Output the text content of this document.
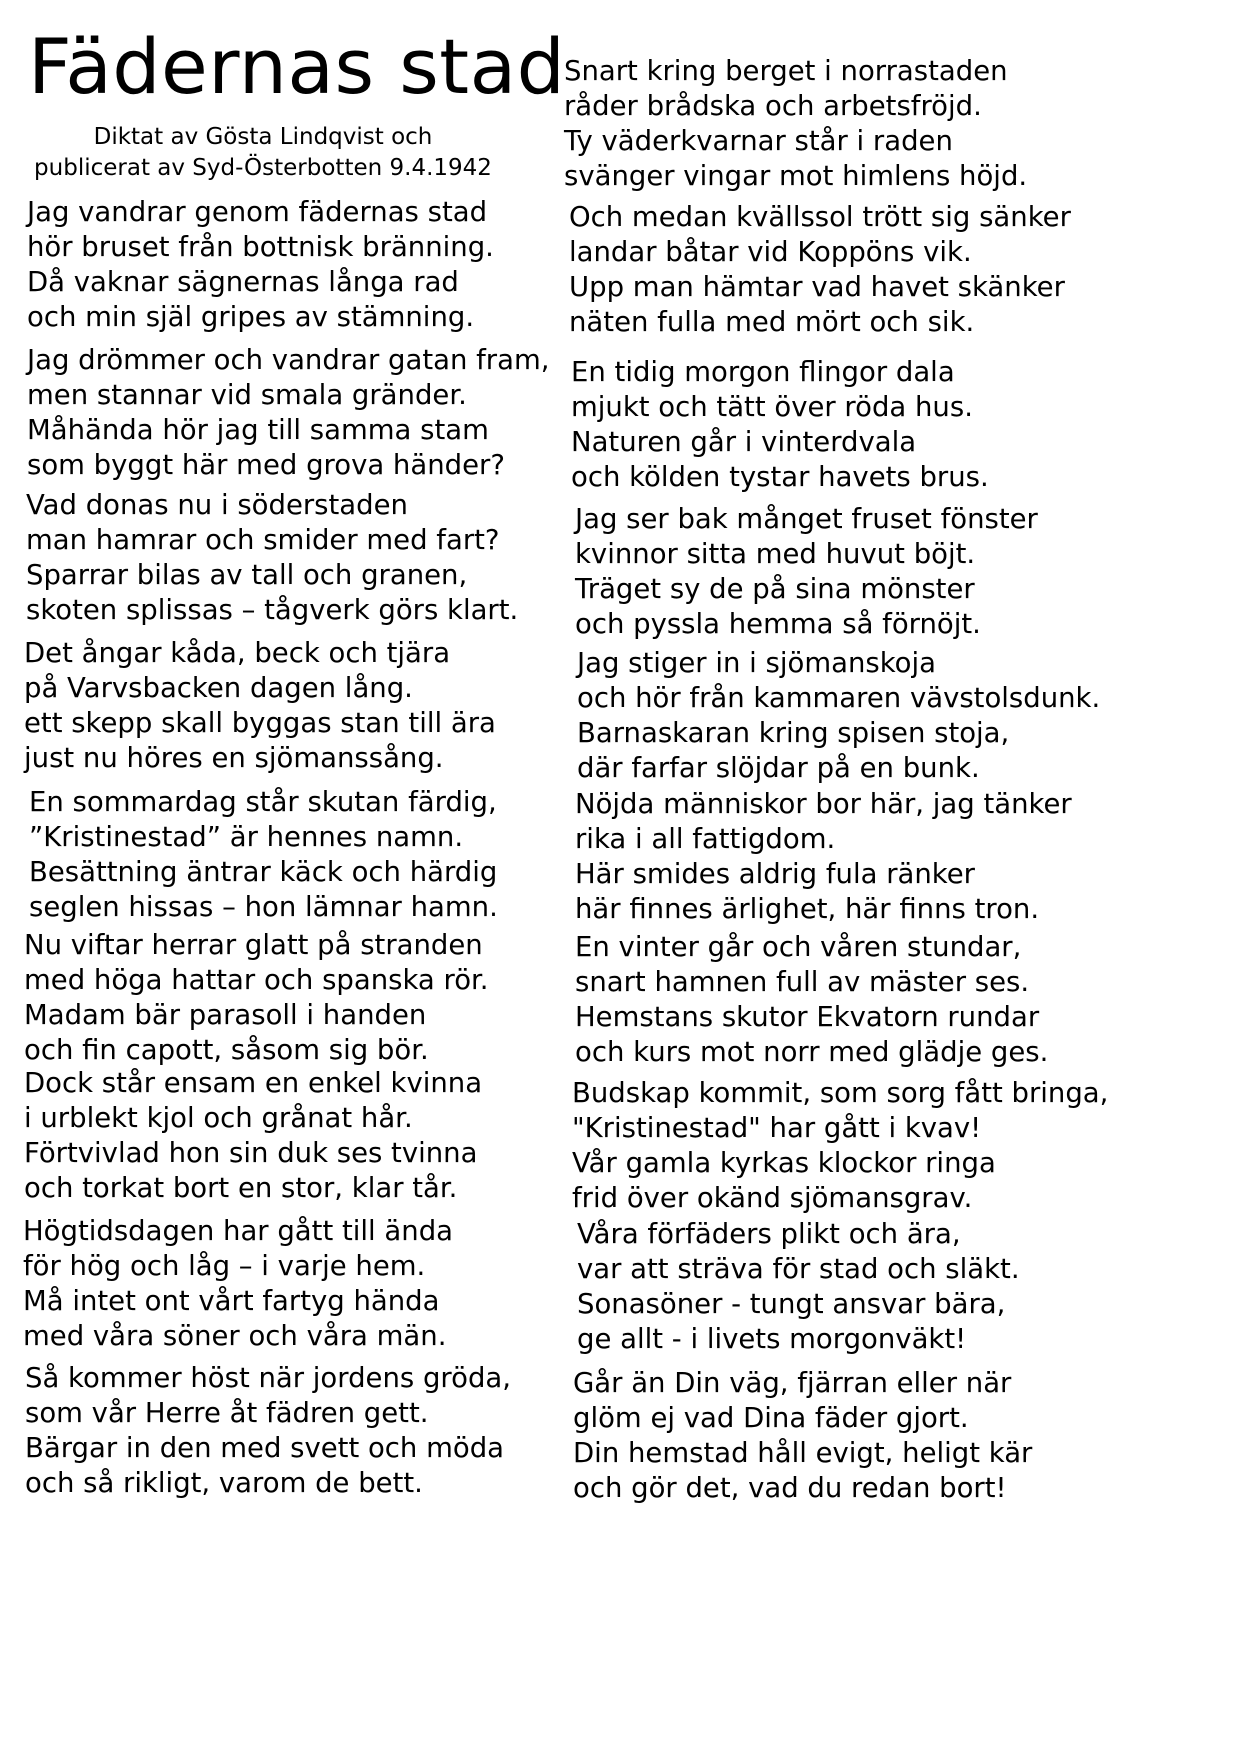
Fädernas stad
Diktat av Gösta Lindqvist och
publicerat av Syd-Österbotten 9.4.1942
Jag vandrar genom fädernas stad
hör bruset från bottnisk bränning.
Då vaknar sägnernas långa rad
och min själ gripes av stämning.
Jag drömmer och vandrar gatan fram,
men stannar vid smala gränder.
Måhända hör jag till samma stam
som byggt här med grova händer?
Vad donas nu i söderstaden
man hamrar och smider med fart?
Sparrar bilas av tall och granen,
skoten splissas – tågverk görs klart.
Det ångar kåda, beck och tjära
på Varvsbacken dagen lång.
ett skepp skall byggas stan till ära
just nu höres en sjömanssång.
En sommardag står skutan färdig,
”Kristinestad” är hennes namn.
Besättning äntrar käck och härdig
seglen hissas – hon lämnar hamn.
Nu viftar herrar glatt på stranden
med höga hattar och spanska rör.
Madam bär parasoll i handen
och fin capott, såsom sig bör.
Dock står ensam en enkel kvinna
i urblekt kjol och grånat hår.
Förtvivlad hon sin duk ses tvinna
och torkat bort en stor, klar tår.
Högtidsdagen har gått till ända
för hög och låg – i varje hem.
Må intet ont vårt fartyg hända
med våra söner och våra män.
Så kommer höst när jordens gröda,
som vår Herre åt fädren gett.
Bärgar in den med svett och möda
och så rikligt, varom de bett.
Snart kring berget i norrastaden
råder brådska och arbetsfröjd.
Ty väderkvarnar står i raden
svänger vingar mot himlens höjd.
Och medan kvällssol trött sig sänker
landar båtar vid Koppöns vik.
Upp man hämtar vad havet skänker
näten fulla med mört och sik.
En tidig morgon flingor dala
mjukt och tätt över röda hus.
Naturen går i vinterdvala
och kölden tystar havets brus.
Jag ser bak månget fruset fönster
kvinnor sitta med huvut böjt.
Träget sy de på sina mönster
och pyssla hemma så förnöjt.
Jag stiger in i sjömanskoja
och hör från kammaren vävstolsdunk.
Barnaskaran kring spisen stoja,
där farfar slöjdar på en bunk.
Nöjda människor bor här, jag tänker
rika i all fattigdom.
Här smides aldrig fula ränker
här finnes ärlighet, här finns tron.
En vinter går och våren stundar,
snart hamnen full av mäster ses.
Hemstans skutor Ekvatorn rundar
och kurs mot norr med glädje ges.
Budskap kommit, som sorg fått bringa,
"Kristinestad" har gått i kvav!
Vår gamla kyrkas klockor ringa
frid över okänd sjömansgrav.
Våra förfäders plikt och ära,
var att sträva för stad och släkt.
Sonasöner - tungt ansvar bära,
ge allt - i livets morgonväkt!
Går än Din väg, fjärran eller när
glöm ej vad Dina fäder gjort.
Din hemstad håll evigt, heligt kär
och gör det, vad du redan bort!
